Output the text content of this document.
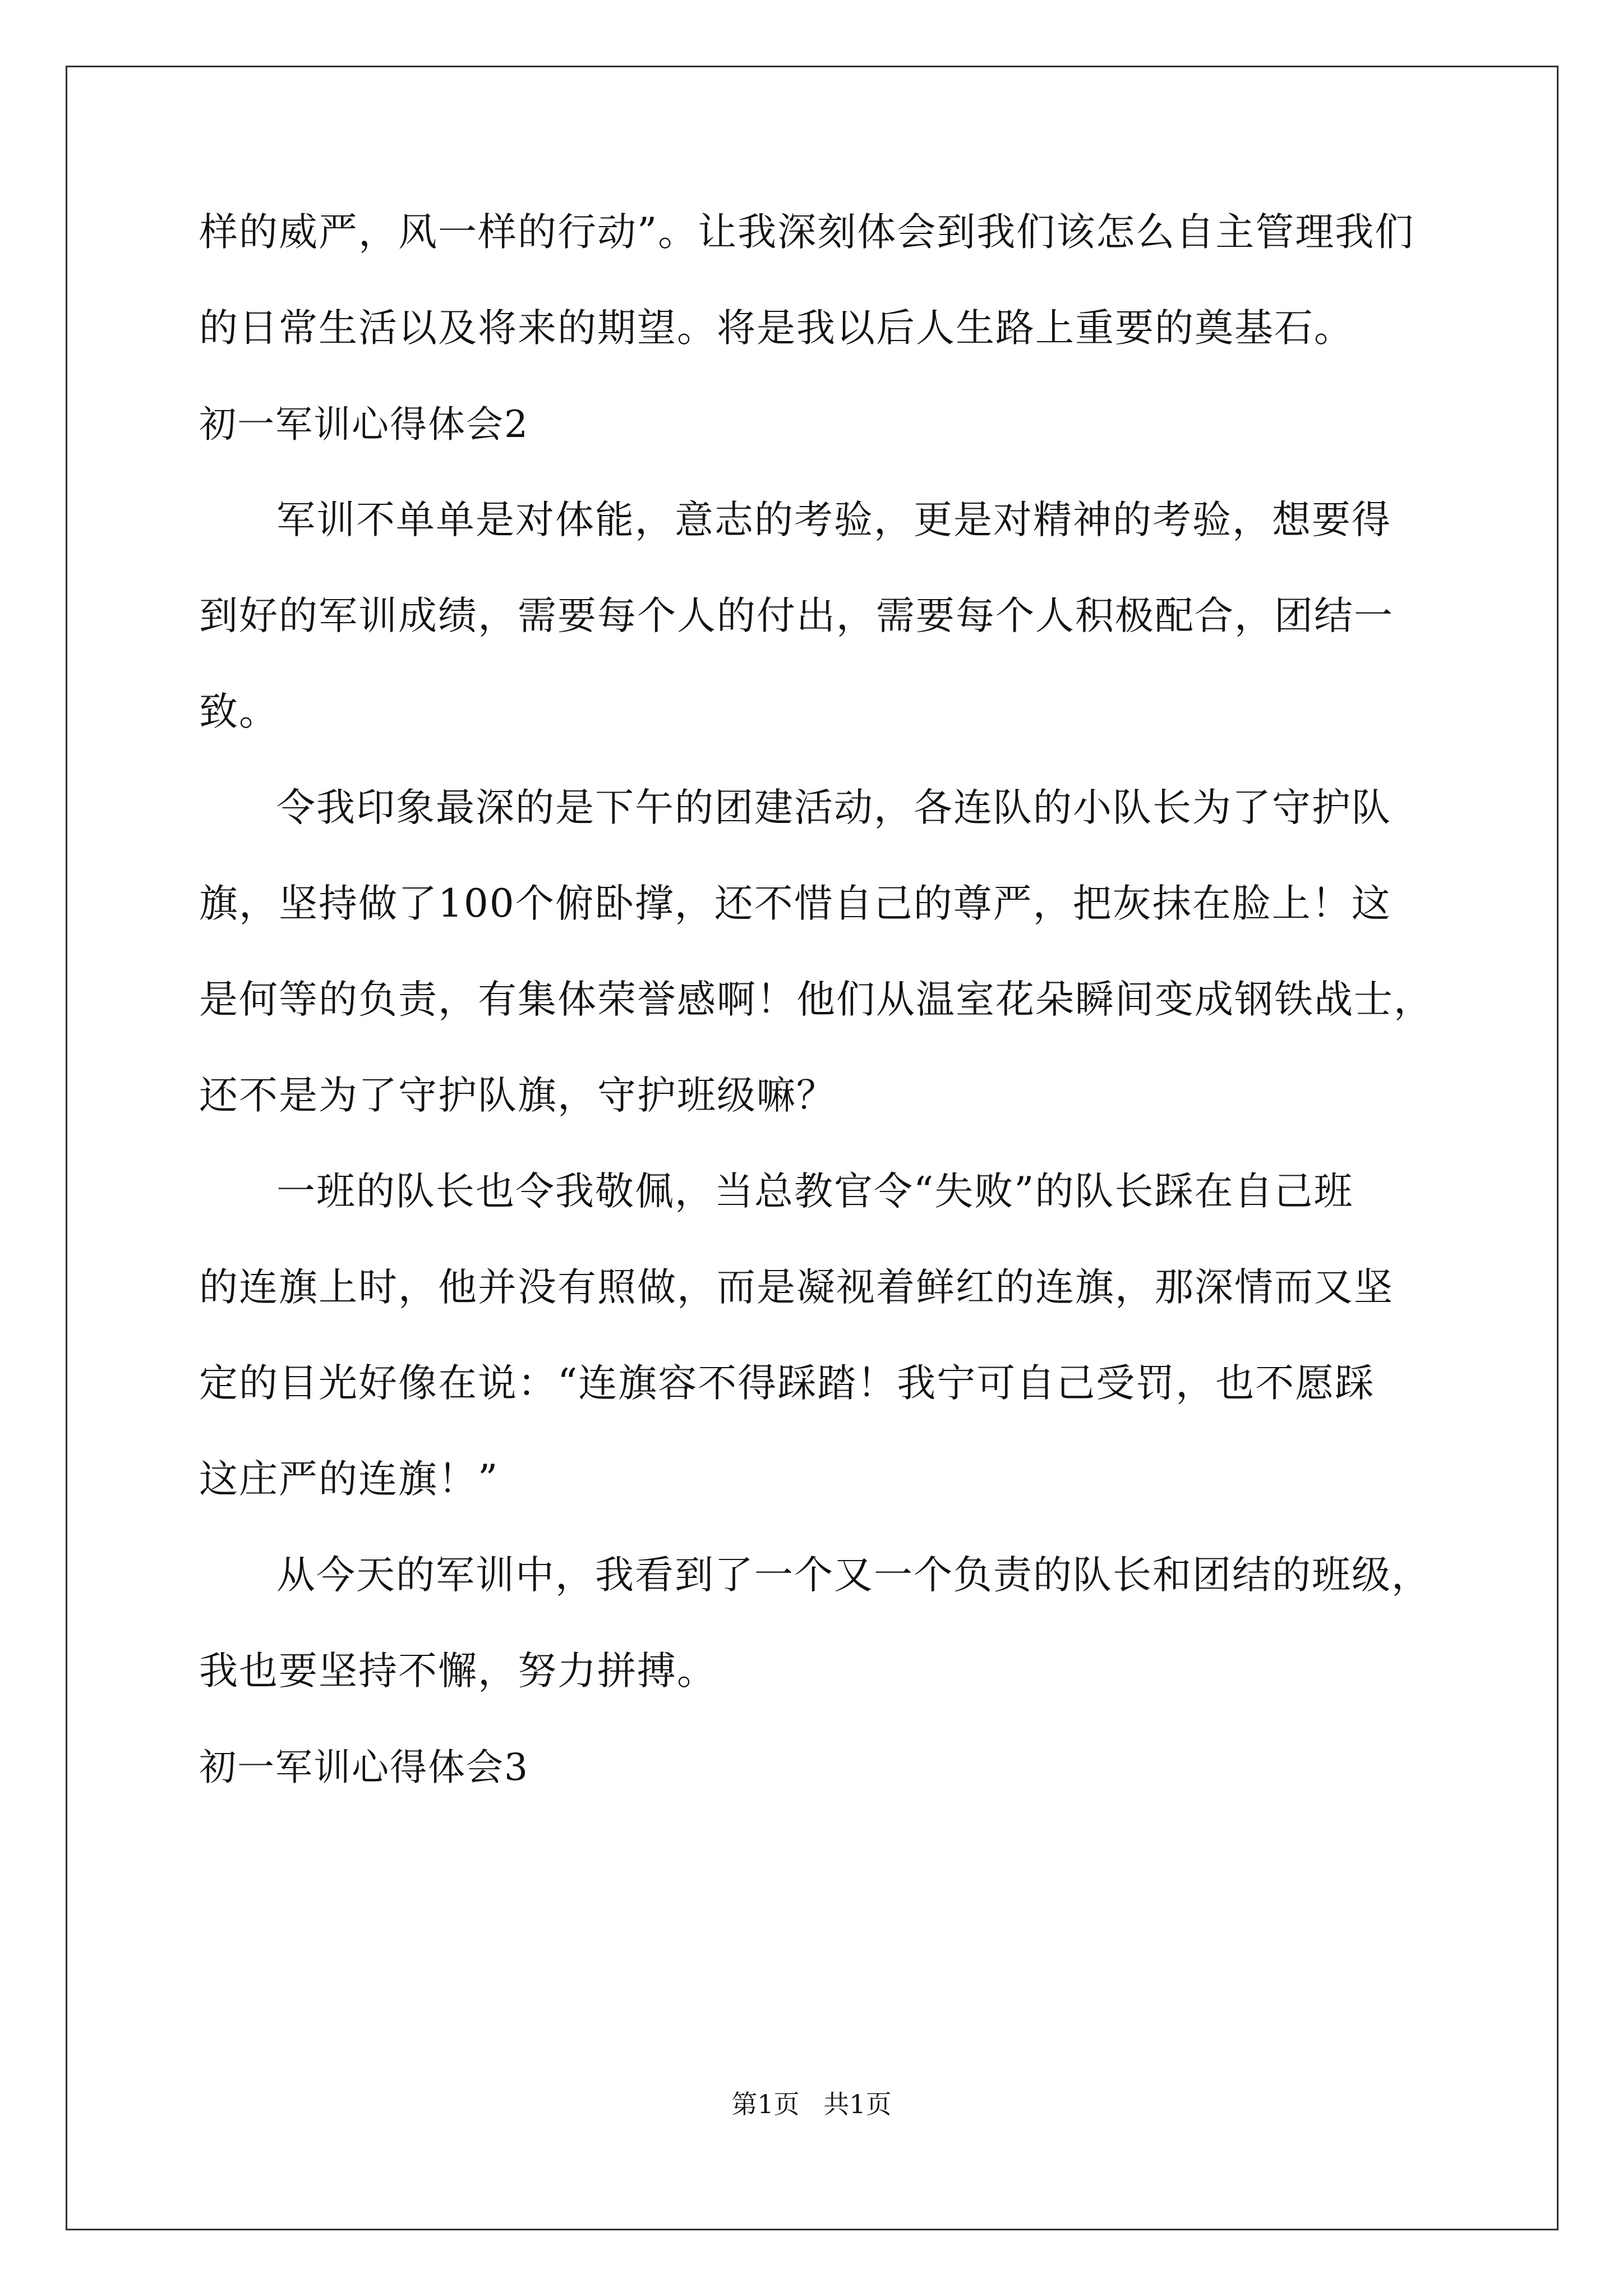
样的威严，风一样的行动”。让我深刻体会到我们该怎么自主管理我们
的日常生活以及将来的期望。将是我以后人生路上重要的奠基石。
初一军训心得体会2
军训不单单是对体能，意志的考验，更是对精神的考验，想要得
到好的军训成绩，需要每个人的付出，需要每个人积极配合，团结一
致。
令我印象最深的是下午的团建活动，各连队的小队长为了守护队
旗，坚持做了100个俯卧撑，还不惜自己的尊严，把灰抹在脸上！这
是何等的负责，有集体荣誉感啊！他们从温室花朵瞬间变成钢铁战士，
还不是为了守护队旗，守护班级嘛？
一班的队长也令我敬佩，当总教官令“失败”的队长踩在自己班
的连旗上时，他并没有照做，而是凝视着鲜红的连旗，那深情而又坚
定的目光好像在说：“连旗容不得踩踏！我宁可自己受罚，也不愿踩
这庄严的连旗！”
从今天的军训中，我看到了一个又一个负责的队长和团结的班级，
我也要坚持不懈，努力拼搏。
初一军训心得体会3
第1页 共1页
